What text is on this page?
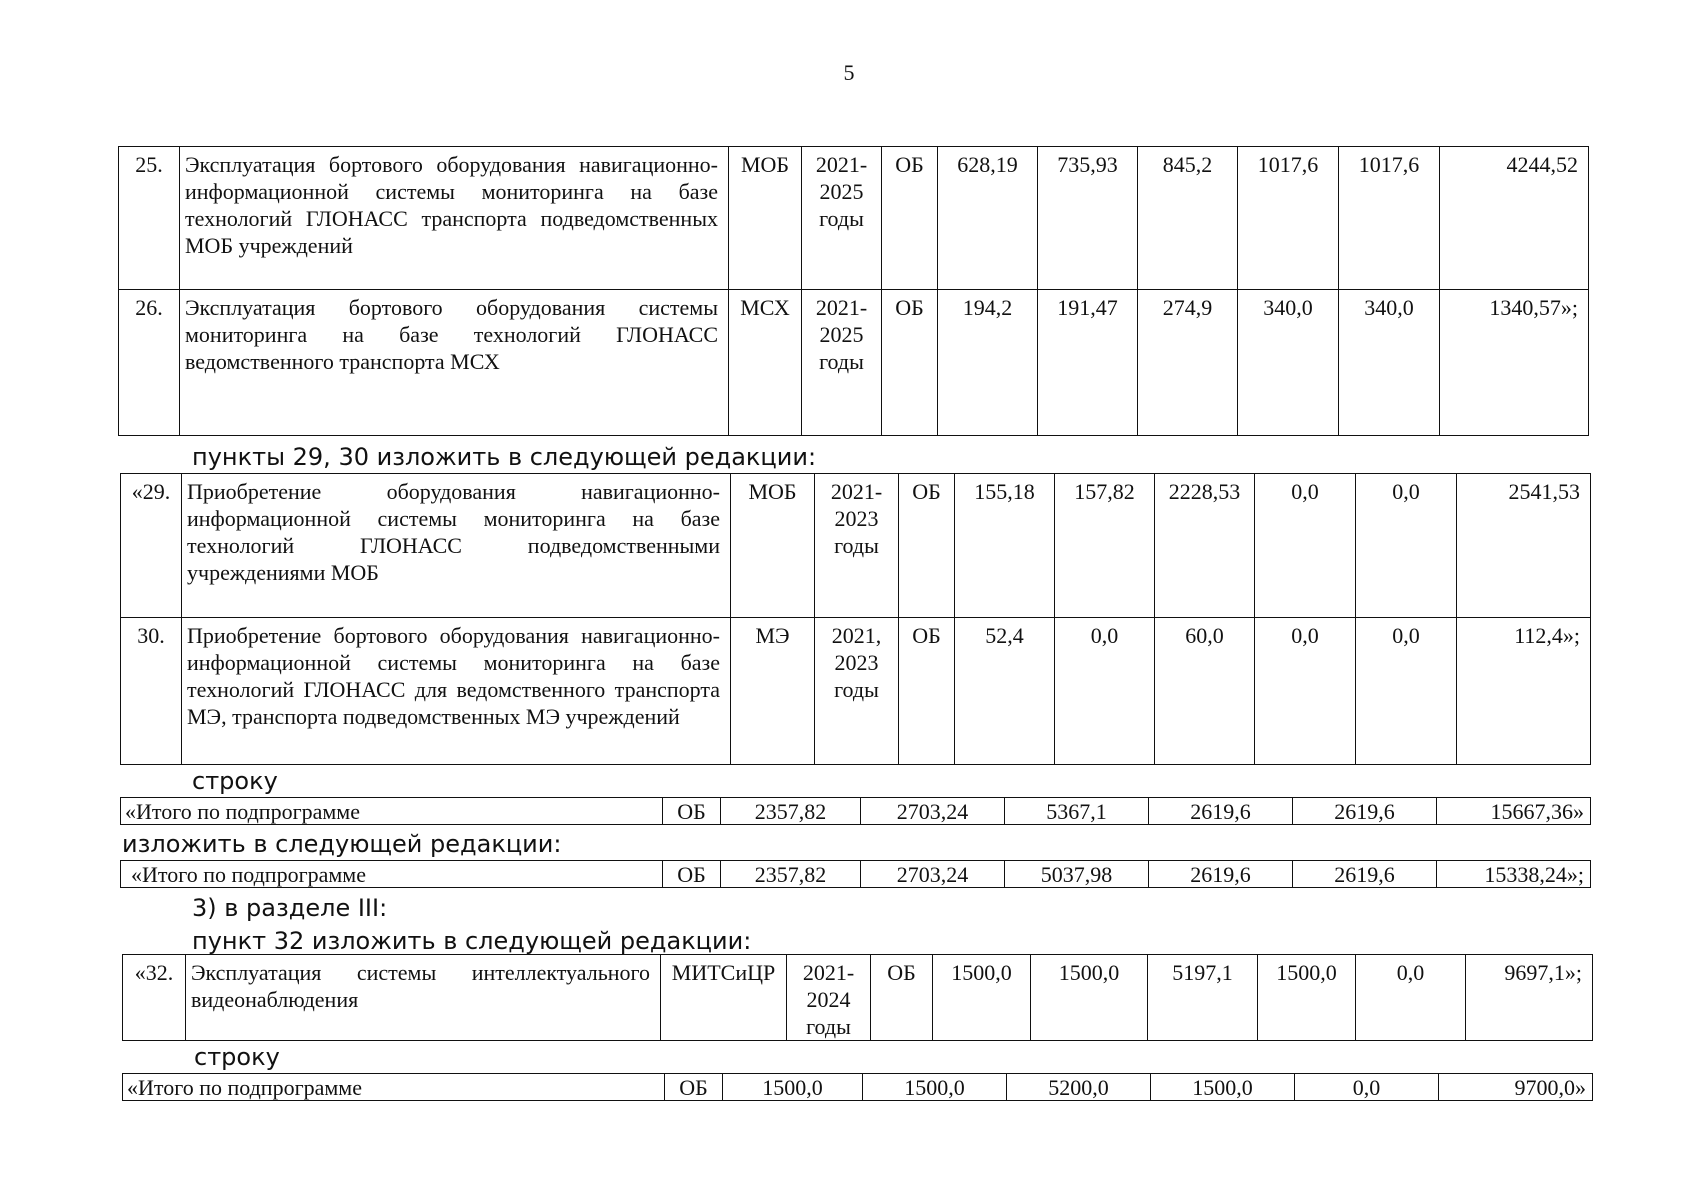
5
25.	Эксплуатация бортового оборудования навигационно-информационной системы мониторинга на базе технологий ГЛОНАСС транспорта подведомственных МОБ учреждений	МОБ	2021-
2025
годы	ОБ	628,19	735,93	845,2	1017,6	1017,6	4244,52
26.	Эксплуатация бортового оборудования системы мониторинга на базе технологий ГЛОНАСС ведомственного транспорта МСХ	МСХ	2021-
2025
годы	ОБ	194,2	191,47	274,9	340,0	340,0	1340,57»;
пункты 29, 30 изложить в следующей редакции:
«29.	Приобретение оборудования навигационно-информационной системы мониторинга на базе технологий ГЛОНАСС подведомственными учреждениями МОБ	МОБ	2021-
2023
годы	ОБ	155,18	157,82	2228,53	0,0	0,0	2541,53
30.	Приобретение бортового оборудования навигационно-информационной системы мониторинга на базе технологий ГЛОНАСС для ведомственного транспорта МЭ, транспорта подведомственных МЭ учреждений	МЭ	2021,
2023
годы	ОБ	52,4	0,0	60,0	0,0	0,0	112,4»;
строку
«Итого по подпрограмме	ОБ	2357,82	2703,24	5367,1	2619,6	2619,6	15667,36»
изложить в следующей редакции:
«Итого по подпрограмме	ОБ	2357,82	2703,24	5037,98	2619,6	2619,6	15338,24»;
3) в разделе III:
пункт 32 изложить в следующей редакции:
«32.	Эксплуатация системы интеллектуального видеонаблюдения	МИТСиЦР	2021-
2024
годы	ОБ	1500,0	1500,0	5197,1	1500,0	0,0	9697,1»;
строку
«Итого по подпрограмме	ОБ	1500,0	1500,0	5200,0	1500,0	0,0	9700,0»
